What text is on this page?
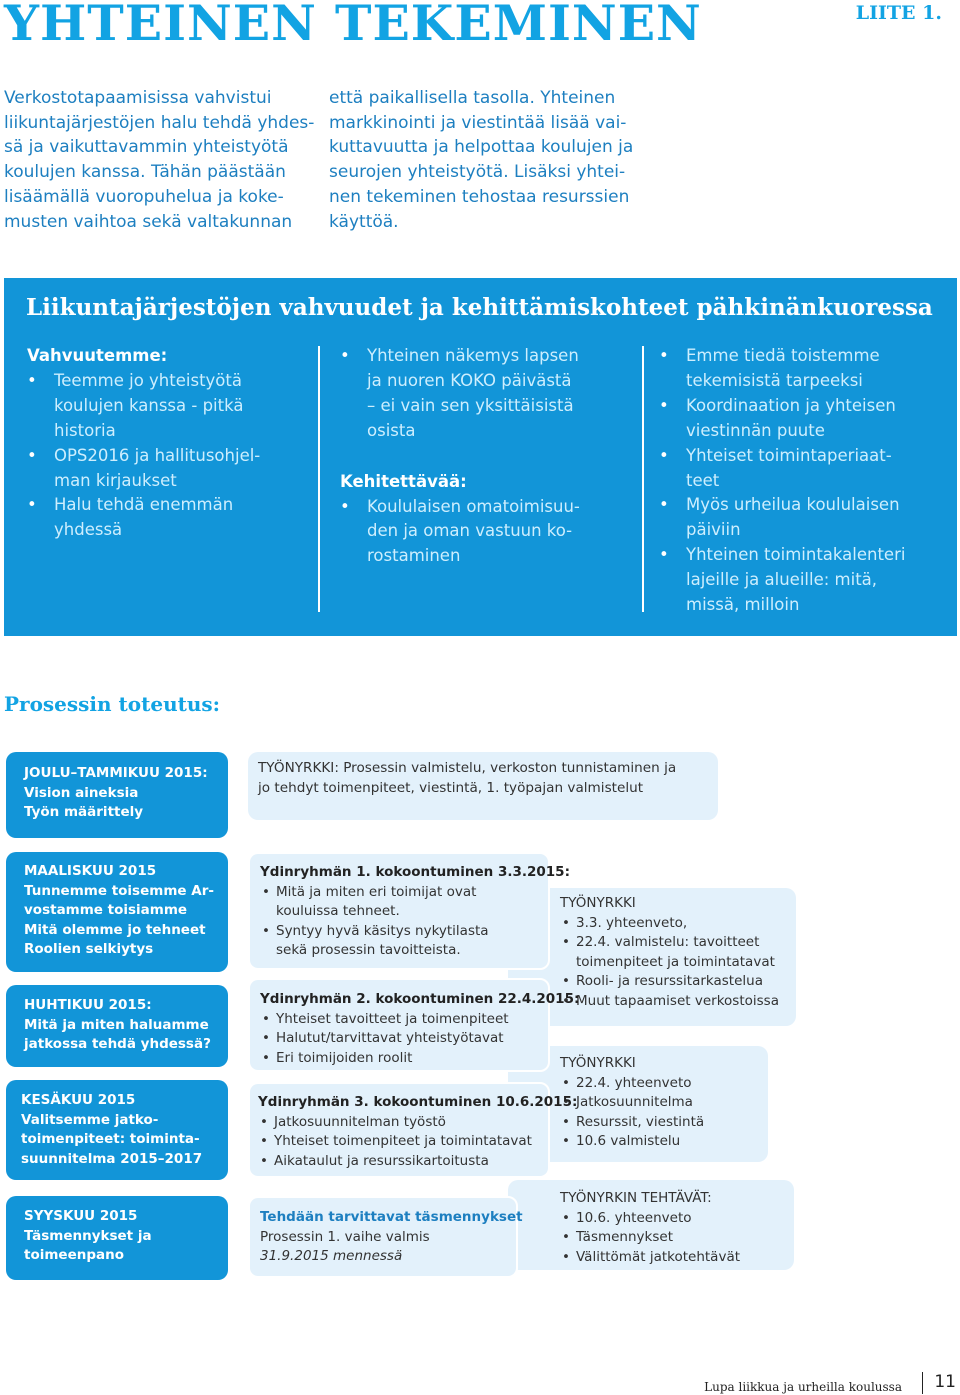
YHTEINEN TEKEMINEN	LIITE 1.
Verkostotapaamisissa vahvistui
liikuntajärjestöjen halu tehdä yhdes-
sä ja vaikuttavammin yhteistyötä
koulujen kanssa. Tähän päästään
lisäämällä vuoropuhelua ja koke-
musten vaihtoa sekä valtakunnan
että paikallisella tasolla. Yhteinen
markkinointi ja viestintää lisää vai-
kuttavuutta ja helpottaa koulujen ja
seurojen yhteistyötä. Lisäksi yhtei-
nen tekeminen tehostaa resurssien
käyttöä.
Liikuntajärjestöjen vahvuudet ja kehittämiskohteet pähkinänkuoressa
Vahvuutemme:
• Teemme jo yhteistyötä
koulujen kanssa - pitkä
historia
• OPS2016 ja hallitusohjel-
man kirjaukset
• Halu tehdä enemmän
yhdessä
• Yhteinen näkemys lapsen
ja nuoren KOKO päivästä
– ei vain sen yksittäisistä
osista
Kehitettävää:
• Koululaisen omatoimisuu-
den ja oman vastuun ko-
rostaminen
• Emme tiedä toistemme
tekemisistä tarpeeksi
• Koordinaation ja yhteisen
viestinnän puute
• Yhteiset toimintaperiaat-
teet
• Myös urheilua koululaisen
päiviin
• Yhteinen toimintakalenteri
lajeille ja alueille: mitä,
missä, milloin
Prosessin toteutus:
JOULU–TAMMIKUU 2015:
Vision aineksia
Työn määrittely
TYÖNYRKKI: Prosessin valmistelu, verkoston tunnistaminen ja
jo tehdyt toimenpiteet, viestintä, 1. työpajan valmistelut
MAALISKUU 2015
Tunnemme toisemme Ar-
vostamme toisiamme
Mitä olemme jo tehneet
Roolien selkiytys
HUHTIKUU 2015:
Mitä ja miten haluamme
jatkossa tehdä yhdessä?
KESÄKUU 2015
Valitsemme jatko-
toimenpiteet: toiminta-
suunnitelma 2015–2017
SYYSKUU 2015
Täsmennykset ja
toimeenpano
TYÖNYRKKI
• 3.3. yhteenveto,
• 22.4. valmistelu: tavoitteet
toimenpiteet ja toimintatavat
• Rooli- ja resurssitarkastelua
• Muut tapaamiset verkostoissa
TYÖNYRKKI
• 22.4. yhteenveto
• Jatkosuunnitelma
• Resurssit, viestintä
• 10.6 valmistelu
TYÖNYRKIN TEHTÄVÄT:
• 10.6. yhteenveto
• Täsmennykset
• Välittömät jatkotehtävät
Ydinryhmän 1. kokoontuminen 3.3.2015:
• Mitä ja miten eri toimijat ovat
kouluissa tehneet.
• Syntyy hyvä käsitys nykytilasta
sekä prosessin tavoitteista.
Ydinryhmän 2. kokoontuminen 22.4.2015:
• Yhteiset tavoitteet ja toimenpiteet
• Halutut/tarvittavat yhteistyötavat
• Eri toimijoiden roolit
Ydinryhmän 3. kokoontuminen 10.6.2015:
• Jatkosuunnitelman työstö
• Yhteiset toimenpiteet ja toimintatavat
• Aikataulut ja resurssikartoitusta
Tehdään tarvittavat täsmennykset
Prosessin 1. vaihe valmis
31.9.2015 mennessä
Lupa liikkua ja urheilla koulussa 11
